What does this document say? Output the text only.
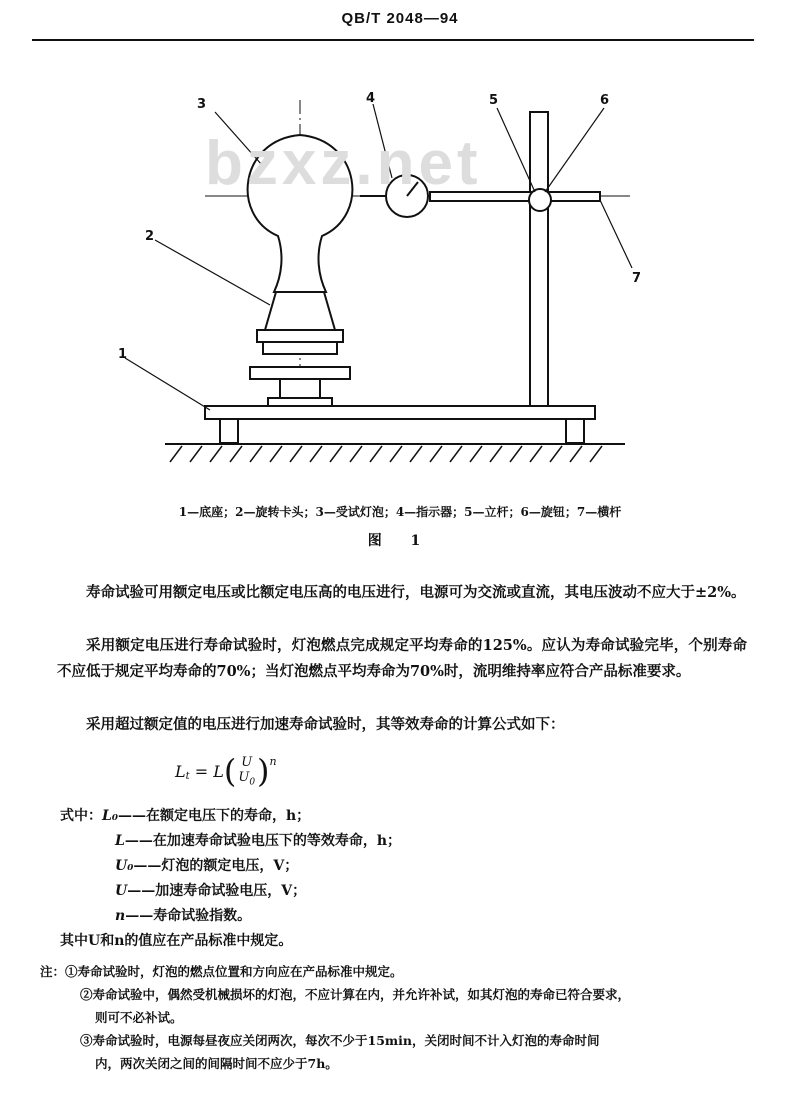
QB/T 2048—94
3	4	5	6
7
2
1
bzxz.net
1—底座；2—旋转卡头；3—受试灯泡；4—指示器；5—立杆；6—旋钮；7—横杆
图 1
寿命试验可用额定电压或比额定电压高的电压进行，电源可为交流或直流，其电压波动不应大于±2%。
采用额定电压进行寿命试验时，灯泡燃点完成规定平均寿命的125%。应认为寿命试验完毕，个别寿命不应低于规定平均寿命的70%；当灯泡燃点平均寿命为70%时，流明维持率应符合产品标准要求。
采用超过额定值的电压进行加速寿命试验时，其等效寿命的计算公式如下：
$L_t = L$ ( U
$U_0$ )$^n$
式中：L₀——在额定电压下的寿命，h；
L——在加速寿命试验电压下的等效寿命，h；
U₀——灯泡的额定电压，V；
U——加速寿命试验电压，V；
n——寿命试验指数。
其中U和n的值应在产品标准中规定。
注：①寿命试验时，灯泡的燃点位置和方向应在产品标准中规定。
②寿命试验中，偶然受机械损坏的灯泡，不应计算在内，并允许补试，如其灯泡的寿命已符合要求，
则可不必补试。
③寿命试验时，电源每昼夜应关闭两次，每次不少于15min，关闭时间不计入灯泡的寿命时间
内，两次关闭之间的间隔时间不应少于7h。
